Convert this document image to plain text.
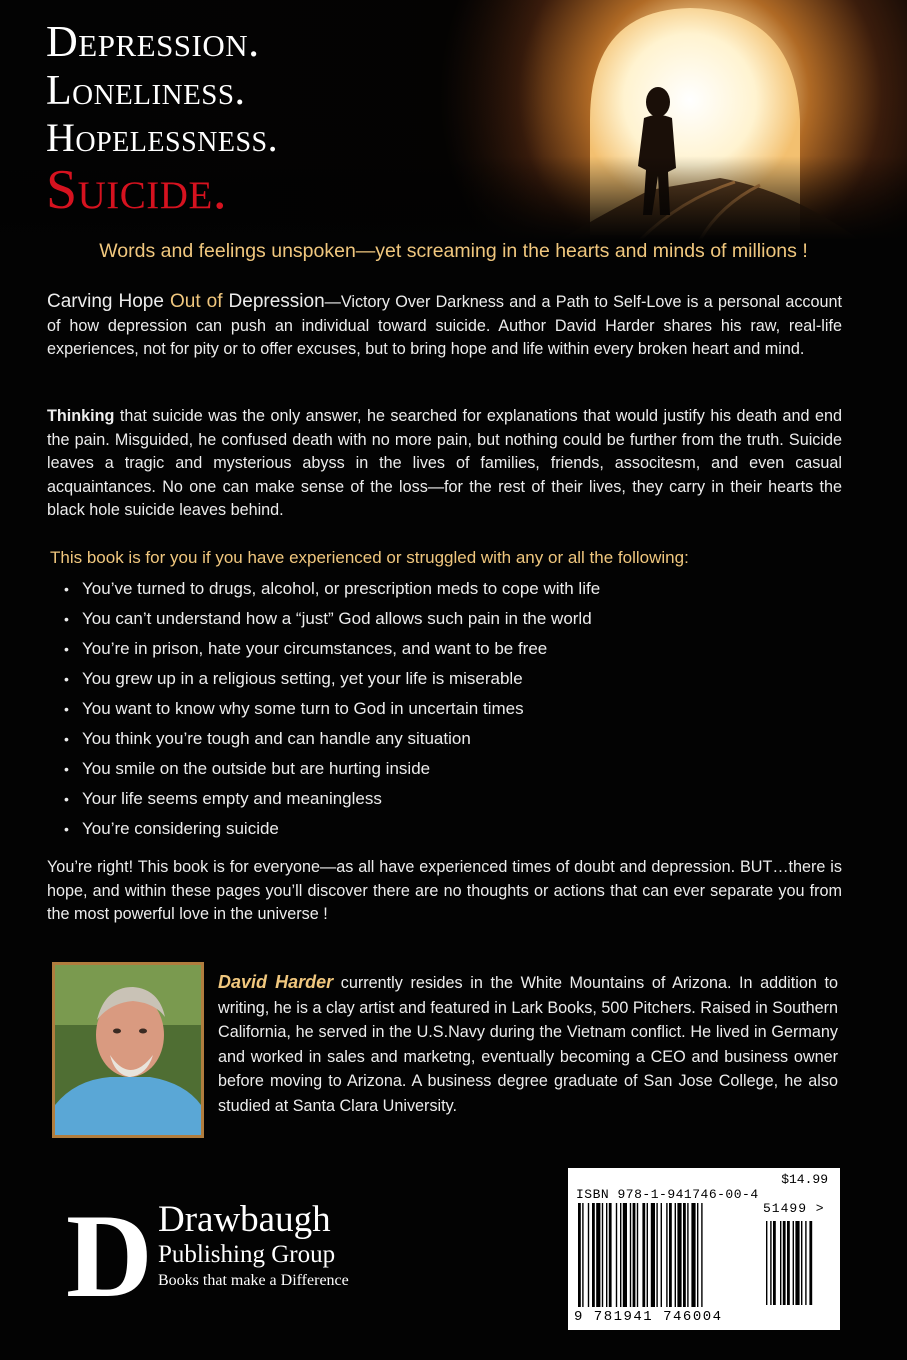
Depression.
Loneliness.
Hopelessness.
Suicide.
Words and feelings unspoken—yet screaming in the hearts and minds of millions !
Carving Hope Out of Depression—Victory Over Darkness and a Path to Self-Love is a personal account of how depression can push an individual toward suicide. Author David Harder shares his raw, real-life experiences, not for pity or to offer excuses, but to bring hope and life within every broken heart and mind.
Thinking that suicide was the only answer, he searched for explanations that would justify his death and end the pain. Misguided, he confused death with no more pain, but nothing could be further from the truth. Suicide leaves a tragic and mysterious abyss in the lives of families, friends, associtesm, and even casual acquaintances. No one can make sense of the loss—for the rest of their lives, they carry in their hearts the black hole suicide leaves behind.
This book is for you if you have experienced or struggled with any or all the following:
• You’ve turned to drugs, alcohol, or prescription meds to cope with life
• You can’t understand how a “just” God allows such pain in the world
• You’re in prison, hate your circumstances, and want to be free
• You grew up in a religious setting, yet your life is miserable
• You want to know why some turn to God in uncertain times
• You think you’re tough and can handle any situation
• You smile on the outside but are hurting inside
• Your life seems empty and meaningless
• You’re considering suicide
You’re right! This book is for everyone—as all have experienced times of doubt and depression. BUT…there is hope, and within these pages you’ll discover there are no thoughts or actions that can ever separate you from the most powerful love in the universe !
David Harder currently resides in the White Mountains of Arizona. In addition to writing, he is a clay artist and featured in Lark Books, 500 Pitchers. Raised in Southern California, he served in the U.S.Navy during the Vietnam conflict. He lived in Germany and worked in sales and marketng, eventually becoming a CEO and business owner before moving to Arizona. A business degree graduate of San Jose College, he also studied at Santa Clara University.
D Drawbaugh
Publishing Group
Books that make a Difference
$14.99
ISBN 978-1-941746-00-4
51499 >
9 781941 746004
